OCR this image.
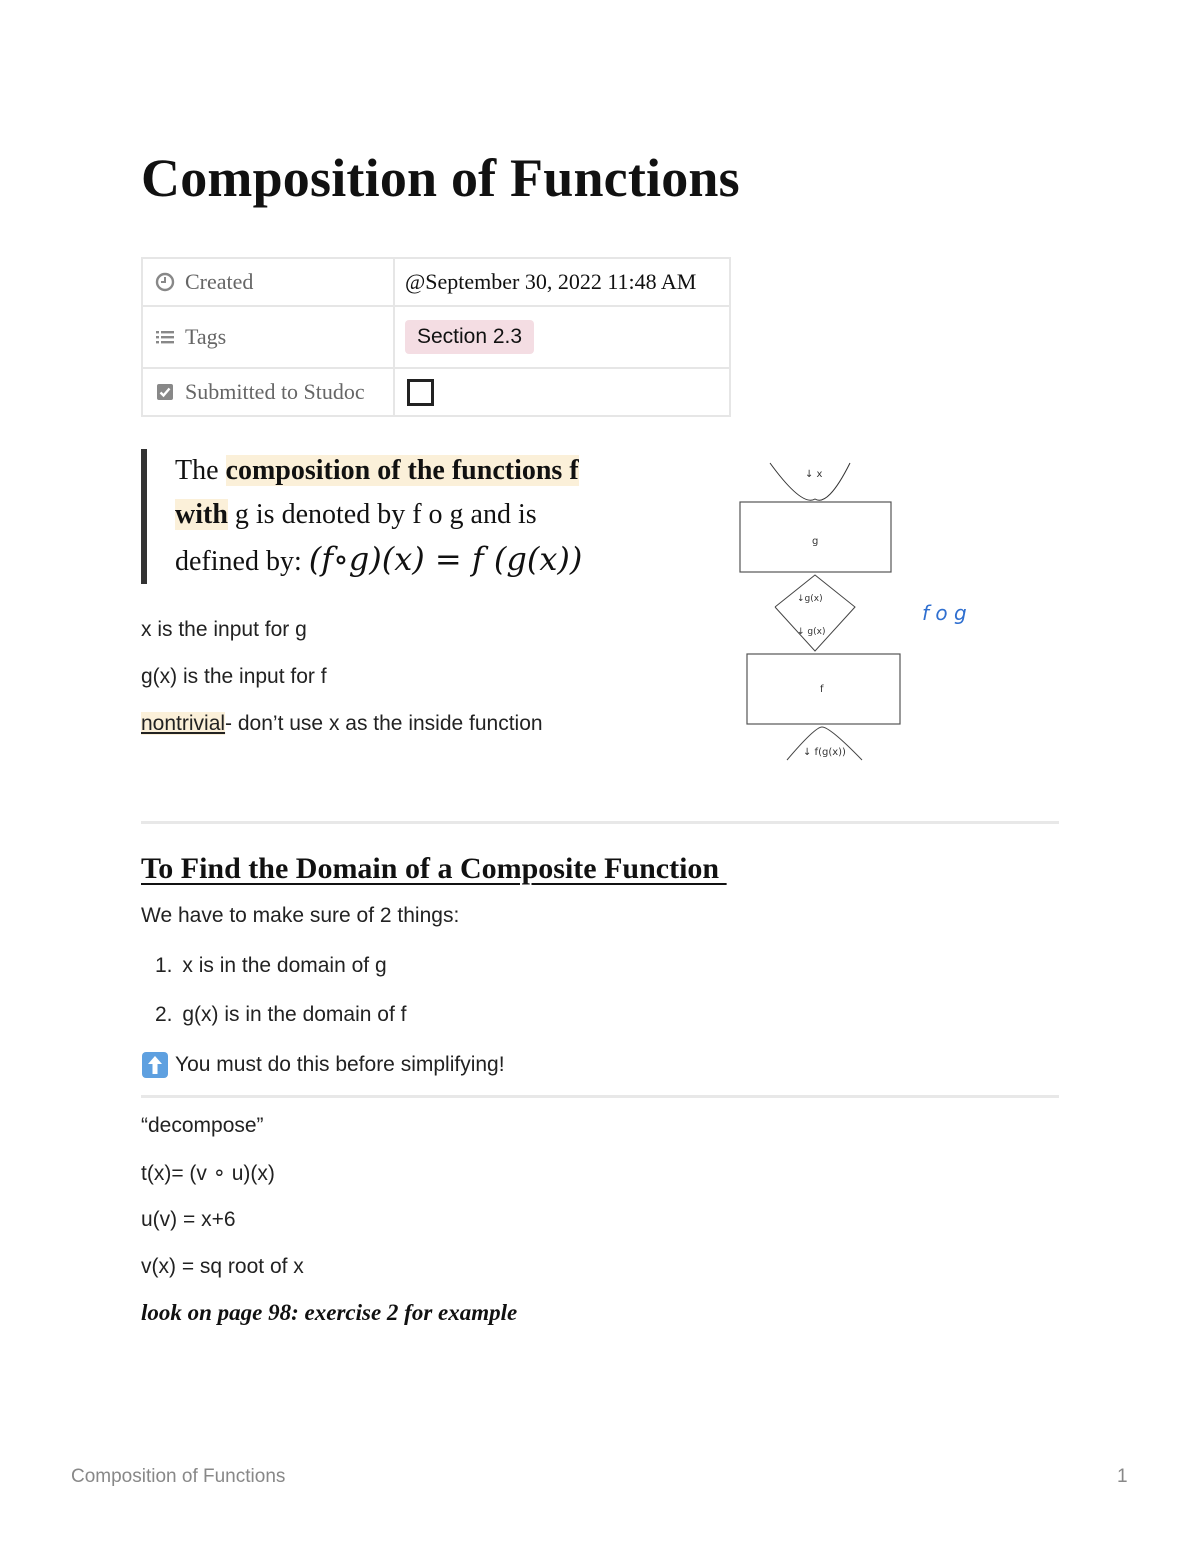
Composition of Functions
Created	@September 30, 2022 11:48 AM

Tags	Section 2.3

Submitted to Studoc	

The composition of the functions f
with g is denoted by f o g and is
defined by: (f∘g)(x) = f (g(x))
x is the input for g
g(x) is the input for f
nontrivial- don’t use x as the inside function
↓ x
g
↓g(x)
↓ g(x)
f
↓ f(g(x))
f o g
To Find the Domain of a Composite Function
We have to make sure of 2 things:
1. x is in the domain of g
2. g(x) is in the domain of f
You must do this before simplifying!
“decompose”
t(x)= (v ∘ u)(x)
u(v) = x+6
v(x) = sq root of x
look on page 98: exercise 2 for example
Composition of Functions	1
